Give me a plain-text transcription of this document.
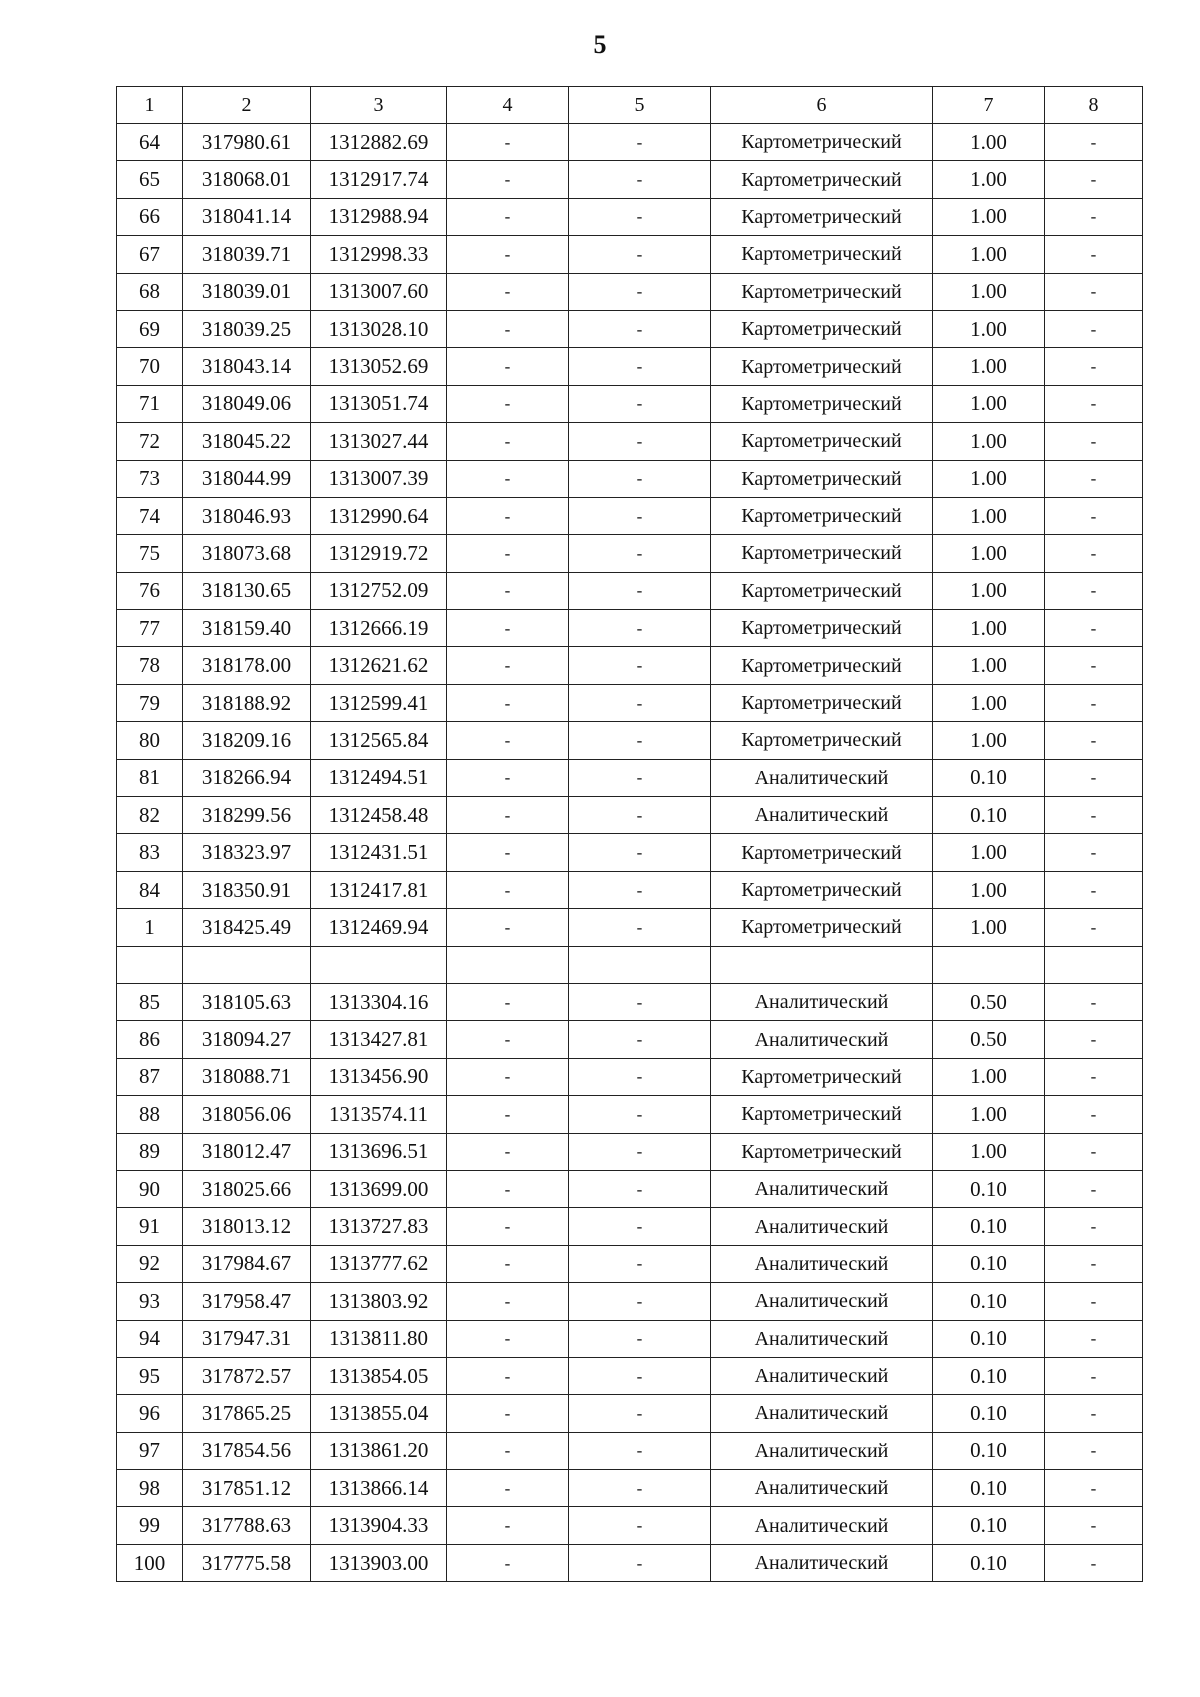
5
1	2	3	4	5	6	7	8
64	317980.61	1312882.69	-	-	Картометрический	1.00	-
65	318068.01	1312917.74	-	-	Картометрический	1.00	-
66	318041.14	1312988.94	-	-	Картометрический	1.00	-
67	318039.71	1312998.33	-	-	Картометрический	1.00	-
68	318039.01	1313007.60	-	-	Картометрический	1.00	-
69	318039.25	1313028.10	-	-	Картометрический	1.00	-
70	318043.14	1313052.69	-	-	Картометрический	1.00	-
71	318049.06	1313051.74	-	-	Картометрический	1.00	-
72	318045.22	1313027.44	-	-	Картометрический	1.00	-
73	318044.99	1313007.39	-	-	Картометрический	1.00	-
74	318046.93	1312990.64	-	-	Картометрический	1.00	-
75	318073.68	1312919.72	-	-	Картометрический	1.00	-
76	318130.65	1312752.09	-	-	Картометрический	1.00	-
77	318159.40	1312666.19	-	-	Картометрический	1.00	-
78	318178.00	1312621.62	-	-	Картометрический	1.00	-
79	318188.92	1312599.41	-	-	Картометрический	1.00	-
80	318209.16	1312565.84	-	-	Картометрический	1.00	-
81	318266.94	1312494.51	-	-	Аналитический	0.10	-
82	318299.56	1312458.48	-	-	Аналитический	0.10	-
83	318323.97	1312431.51	-	-	Картометрический	1.00	-
84	318350.91	1312417.81	-	-	Картометрический	1.00	-
1	318425.49	1312469.94	-	-	Картометрический	1.00	-

85	318105.63	1313304.16	-	-	Аналитический	0.50	-
86	318094.27	1313427.81	-	-	Аналитический	0.50	-
87	318088.71	1313456.90	-	-	Картометрический	1.00	-
88	318056.06	1313574.11	-	-	Картометрический	1.00	-
89	318012.47	1313696.51	-	-	Картометрический	1.00	-
90	318025.66	1313699.00	-	-	Аналитический	0.10	-
91	318013.12	1313727.83	-	-	Аналитический	0.10	-
92	317984.67	1313777.62	-	-	Аналитический	0.10	-
93	317958.47	1313803.92	-	-	Аналитический	0.10	-
94	317947.31	1313811.80	-	-	Аналитический	0.10	-
95	317872.57	1313854.05	-	-	Аналитический	0.10	-
96	317865.25	1313855.04	-	-	Аналитический	0.10	-
97	317854.56	1313861.20	-	-	Аналитический	0.10	-
98	317851.12	1313866.14	-	-	Аналитический	0.10	-
99	317788.63	1313904.33	-	-	Аналитический	0.10	-
100	317775.58	1313903.00	-	-	Аналитический	0.10	-
